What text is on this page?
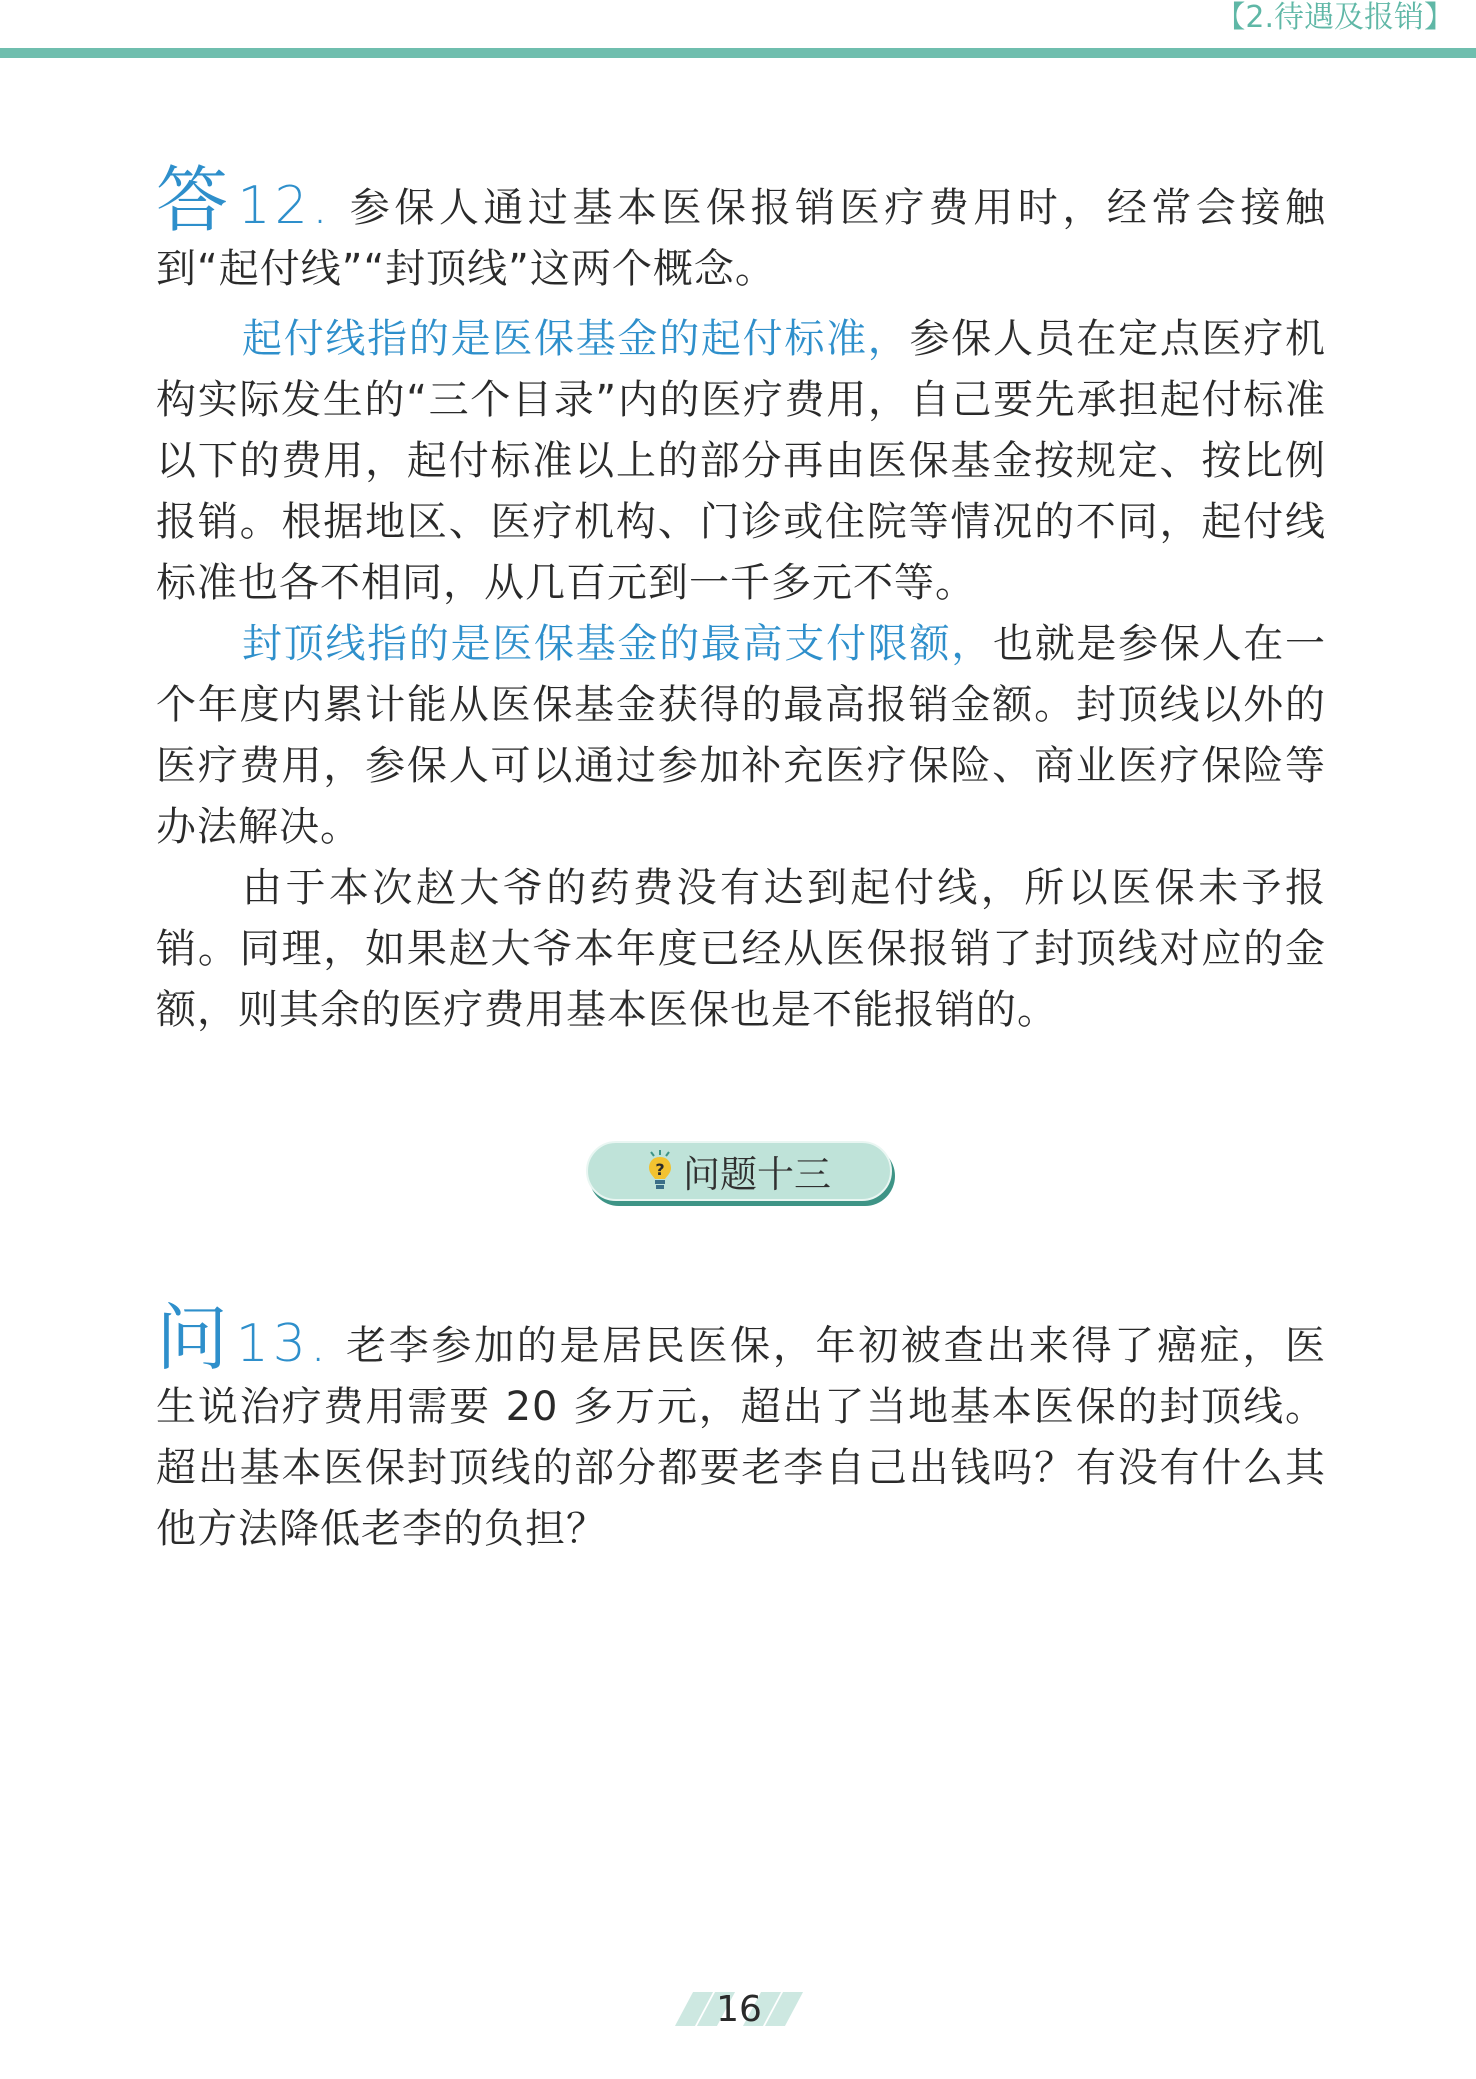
【2.待遇及报销】
答12. 参保人通过基本医保报销医疗费用时，经常会接触到“起付线”“封顶线”这两个概念。
起付线指的是医保基金的起付标准，参保人员在定点医疗机构实际发生的“三个目录”内的医疗费用，自己要先承担起付标准以下的费用，起付标准以上的部分再由医保基金按规定、按比例报销。根据地区、医疗机构、门诊或住院等情况的不同，起付线标准也各不相同，从几百元到一千多元不等。
封顶线指的是医保基金的最高支付限额，也就是参保人在一个年度内累计能从医保基金获得的最高报销金额。封顶线以外的医疗费用，参保人可以通过参加补充医疗保险、商业医疗保险等办法解决。
由于本次赵大爷的药费没有达到起付线，所以医保未予报销。同理，如果赵大爷本年度已经从医保报销了封顶线对应的金额，则其余的医疗费用基本医保也是不能报销的。
? 问题十三
问13. 老李参加的是居民医保，年初被查出来得了癌症，医生说治疗费用需要 20 多万元，超出了当地基本医保的封顶线。超出基本医保封顶线的部分都要老李自己出钱吗？有没有什么其他方法降低老李的负担？
16
